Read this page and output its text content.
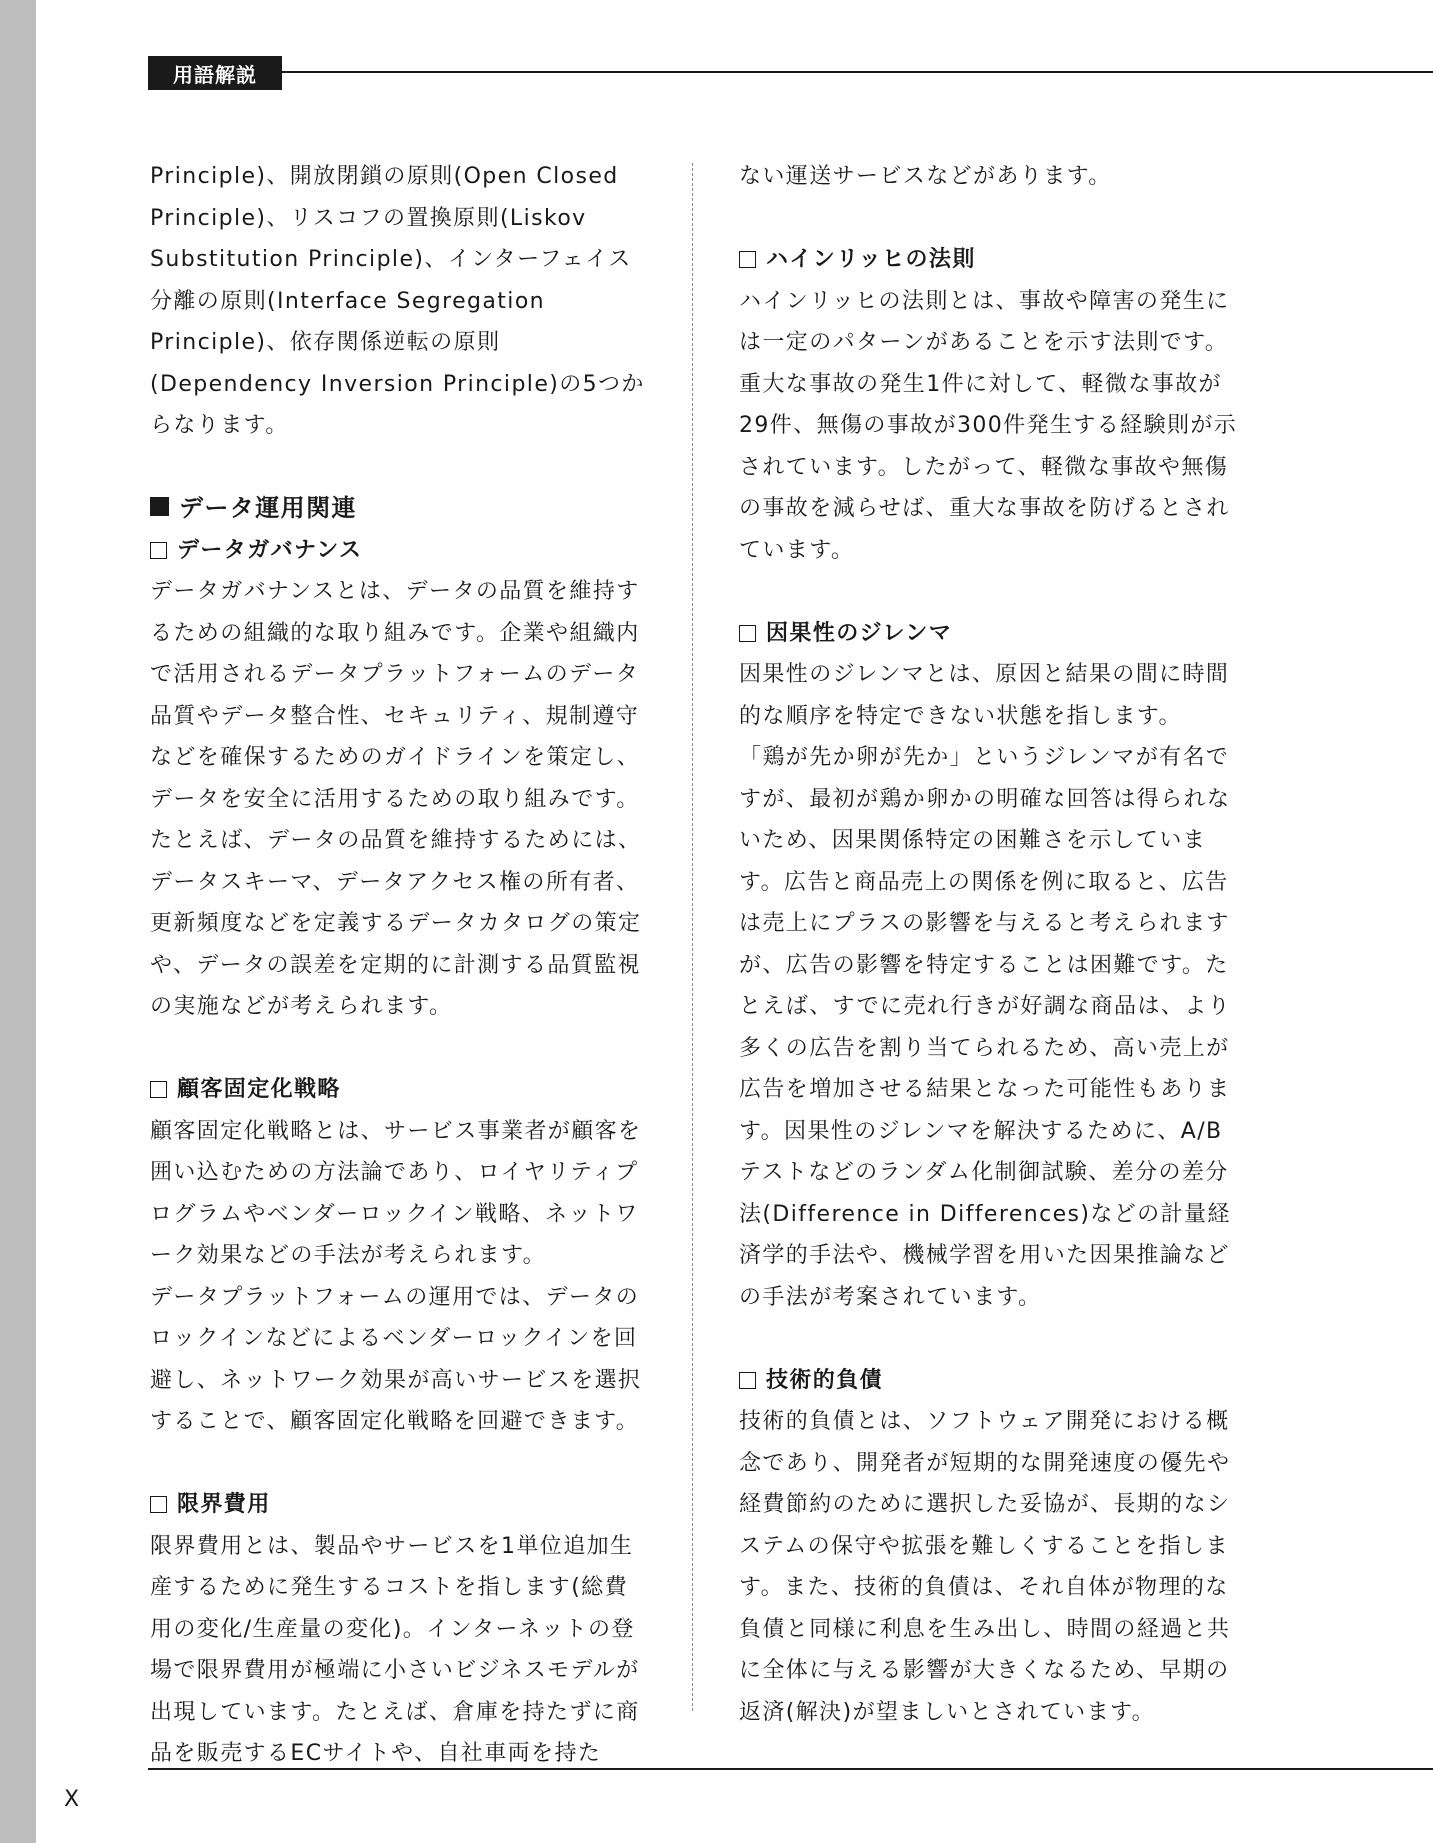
用語解説

Principle)、開放閉鎖の原則(Open Closed Principle)、リスコフの置換原則(Liskov Substitution Principle)、インターフェイス分離の原則(Interface Segregation Principle)、依存関係逆転の原則(Dependency Inversion Principle)の5つからなります。

データ運用関連
データガバナンス

データガバナンスとは、データの品質を維持するための組織的な取り組みです。企業や組織内で活用されるデータプラットフォームのデータ品質やデータ整合性、セキュリティ、規制遵守などを確保するためのガイドラインを策定し、データを安全に活用するための取り組みです。

たとえば、データの品質を維持するためには、データスキーマ、データアクセス権の所有者、更新頻度などを定義するデータカタログの策定や、データの誤差を定期的に計測する品質監視の実施などが考えられます。

顧客固定化戦略

顧客固定化戦略とは、サービス事業者が顧客を囲い込むための方法論であり、ロイヤリティプログラムやベンダーロックイン戦略、ネットワーク効果などの手法が考えられます。

データプラットフォームの運用では、データのロックインなどによるベンダーロックインを回避し、ネットワーク効果が高いサービスを選択することで、顧客固定化戦略を回避できます。

限界費用

限界費用とは、製品やサービスを1単位追加生産するために発生するコストを指します(総費用の変化/生産量の変化)。インターネットの登場で限界費用が極端に小さいビジネスモデルが出現しています。たとえば、倉庫を持たずに商品を販売するECサイトや、自社車両を持た

ない運送サービスなどがあります。

ハインリッヒの法則

ハインリッヒの法則とは、事故や障害の発生には一定のパターンがあることを示す法則です。重大な事故の発生1件に対して、軽微な事故が29件、無傷の事故が300件発生する経験則が示されています。したがって、軽微な事故や無傷の事故を減らせば、重大な事故を防げるとされています。

因果性のジレンマ

因果性のジレンマとは、原因と結果の間に時間的な順序を特定できない状態を指します。

「鶏が先か卵が先か」というジレンマが有名ですが、最初が鶏か卵かの明確な回答は得られないため、因果関係特定の困難さを示しています。広告と商品売上の関係を例に取ると、広告は売上にプラスの影響を与えると考えられますが、広告の影響を特定することは困難です。たとえば、すでに売れ行きが好調な商品は、より多くの広告を割り当てられるため、高い売上が広告を増加させる結果となった可能性もあります。因果性のジレンマを解決するために、A/Bテストなどのランダム化制御試験、差分の差分法(Difference in Differences)などの計量経済学的手法や、機械学習を用いた因果推論などの手法が考案されています。

技術的負債

技術的負債とは、ソフトウェア開発における概念であり、開発者が短期的な開発速度の優先や経費節約のために選択した妥協が、長期的なシステムの保守や拡張を難しくすることを指します。また、技術的負債は、それ自体が物理的な負債と同様に利息を生み出し、時間の経過と共に全体に与える影響が大きくなるため、早期の返済(解決)が望ましいとされています。

X
